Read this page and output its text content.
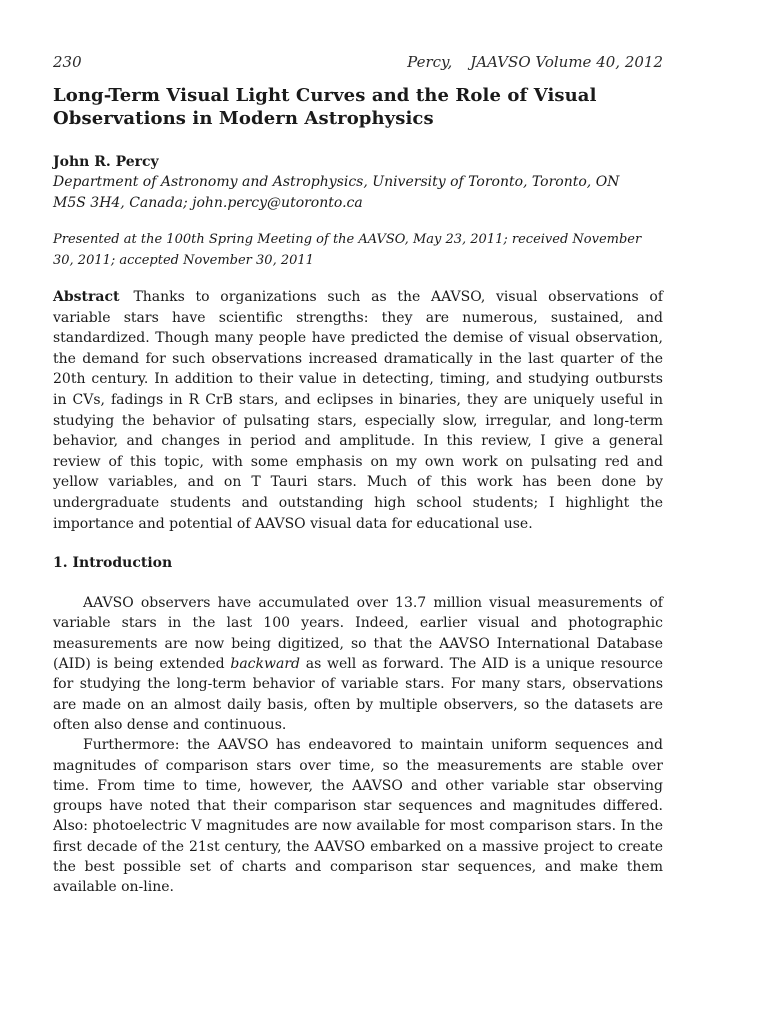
230	Percy, JAAVSO Volume 40, 2012
Long-Term Visual Light Curves and the Role of Visual
Observations in Modern Astrophysics
John R. Percy
Department of Astronomy and Astrophysics, University of Toronto, Toronto, ON
M5S 3H4, Canada; john.percy@utoronto.ca
Presented at the 100th Spring Meeting of the AAVSO, May 23, 2011; received November 30, 2011; accepted November 30, 2011
Abstract Thanks to organizations such as the AAVSO, visual observations of variable stars have scientific strengths: they are numerous, sustained, and standardized. Though many people have predicted the demise of visual observation, the demand for such observations increased dramatically in the last quarter of the 20th century. In addition to their value in detecting, timing, and studying outbursts in CVs, fadings in R CrB stars, and eclipses in binaries, they are uniquely useful in studying the behavior of pulsating stars, especially slow, irregular, and long-term behavior, and changes in period and amplitude. In this review, I give a general review of this topic, with some emphasis on my own work on pulsating red and yellow variables, and on T Tauri stars. Much of this work has been done by undergraduate students and outstanding high school students; I highlight the importance and potential of AAVSO visual data for educational use.
1. Introduction

AAVSO observers have accumulated over 13.7 million visual measurements of variable stars in the last 100 years. Indeed, earlier visual and photographic measurements are now being digitized, so that the AAVSO International Database (AID) is being extended backward as well as forward. The AID is a unique resource for studying the long-term behavior of variable stars. For many stars, observations are made on an almost daily basis, often by multiple observers, so the datasets are often also dense and continuous.

Furthermore: the AAVSO has endeavored to maintain uniform sequences and magnitudes of comparison stars over time, so the measurements are stable over time. From time to time, however, the AAVSO and other variable star observing groups have noted that their comparison star sequences and magnitudes differed. Also: photoelectric V magnitudes are now available for most comparison stars. In the first decade of the 21st century, the AAVSO embarked on a massive project to create the best possible set of charts and comparison star sequences, and make them available on-line.
